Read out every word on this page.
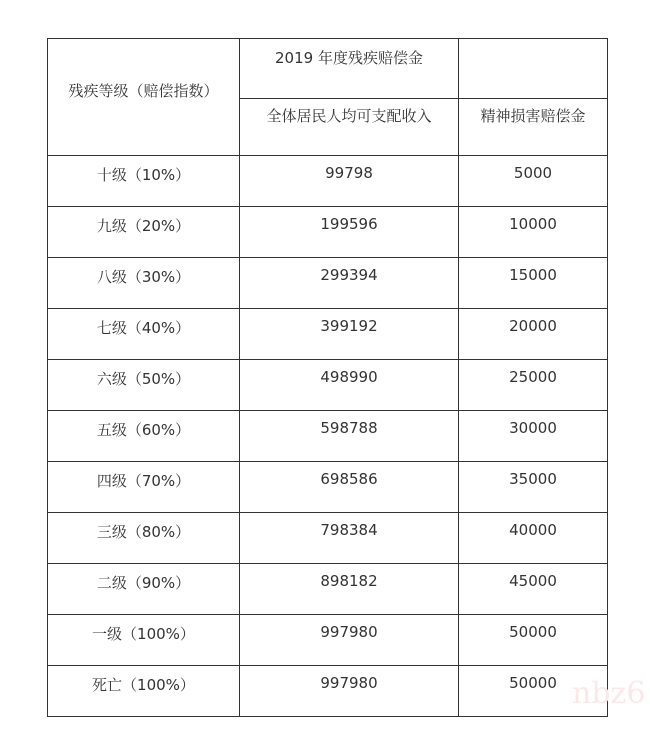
残疾等级（赔偿指数）	2019 年度残疾赔偿金	
	全体居民人均可支配收入	精神损害赔偿金
十级（10%）	99798	5000
九级（20%）	199596	10000
八级（30%）	299394	15000
七级（40%）	399192	20000
六级（50%）	498990	25000
五级（60%）	598788	30000
四级（70%）	698586	35000
三级（80%）	798384	40000
二级（90%）	898182	45000
一级（100%）	997980	50000
死亡（100%）	997980	50000 nbz6
